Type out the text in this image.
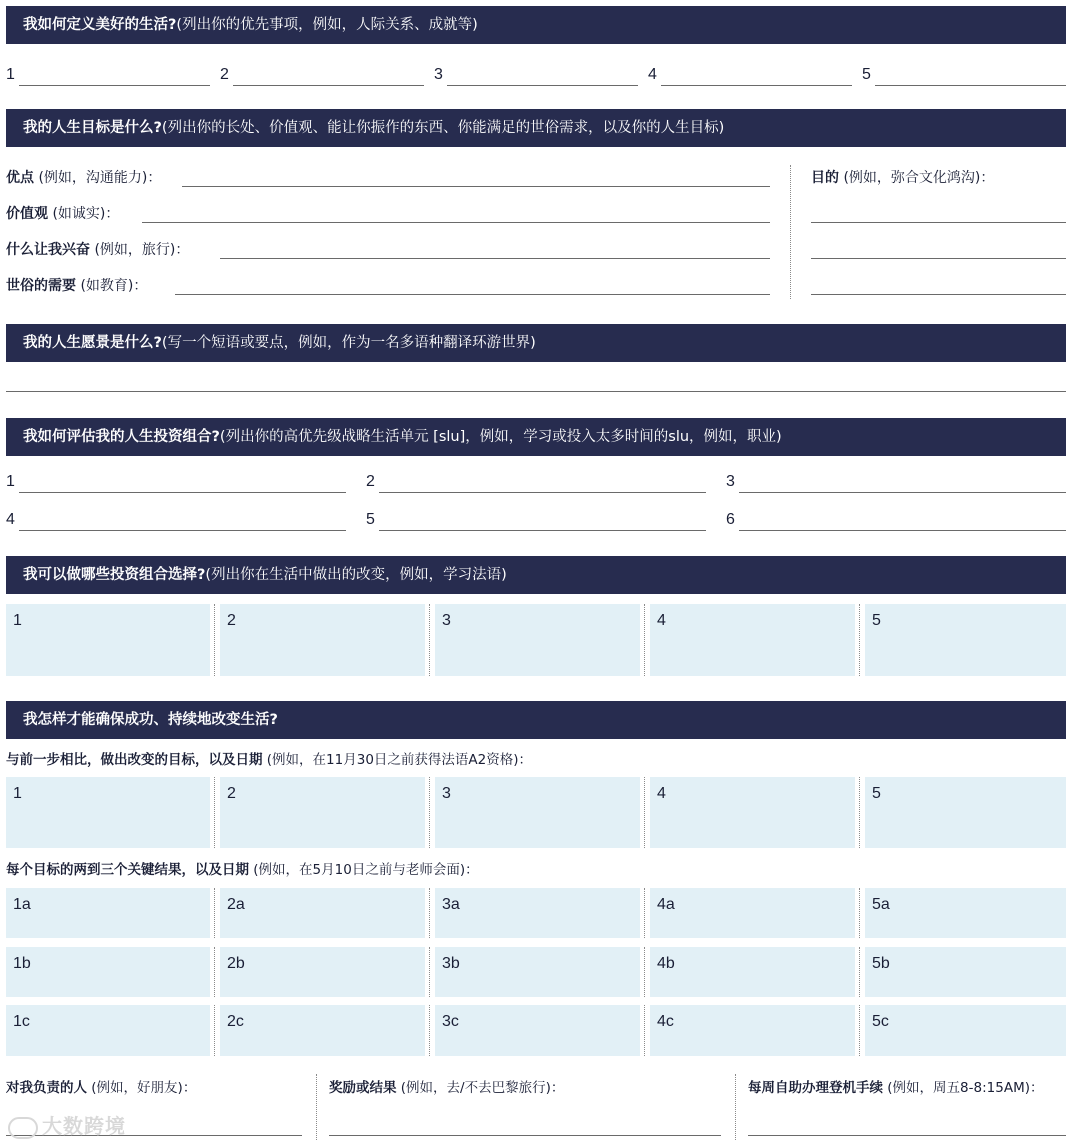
我如何定义美好的生活?(列出你的优先事项，例如，人际关系、成就等)
1	2	3	4	5
我的人生目标是什么?(列出你的长处、价值观、能让你振作的东西、你能满足的世俗需求，以及你的人生目标)
优点 (例如，沟通能力)：
价值观 (如诚实)：
什么让我兴奋 (例如，旅行)：
世俗的需要 (如教育)：
目的 (例如，弥合文化鸿沟)：
我的人生愿景是什么?(写一个短语或要点，例如，作为一名多语种翻译环游世界)
我如何评估我的人生投资组合?(列出你的高优先级战略生活单元 [slu]，例如，学习或投入太多时间的slu，例如，职业)
1	2	3
4	5	6
我可以做哪些投资组合选择?(列出你在生活中做出的改变，例如，学习法语)
1	2	3	4	5
我怎样才能确保成功、持续地改变生活?
与前一步相比，做出改变的目标，以及日期 (例如，在11月30日之前获得法语A2资格)：
1	2	3	4	5
每个目标的两到三个关键结果，以及日期 (例如，在5月10日之前与老师会面)：
1a	2a	3a	4a	5a
1b	2b	3b	4b	5b
1c	2c	3c	4c	5c
对我负责的人 (例如，好朋友)：	奖励或结果 (例如，去/不去巴黎旅行)：	每周自助办理登机手续 (例如，周五8-8:15AM)：
大数跨境
